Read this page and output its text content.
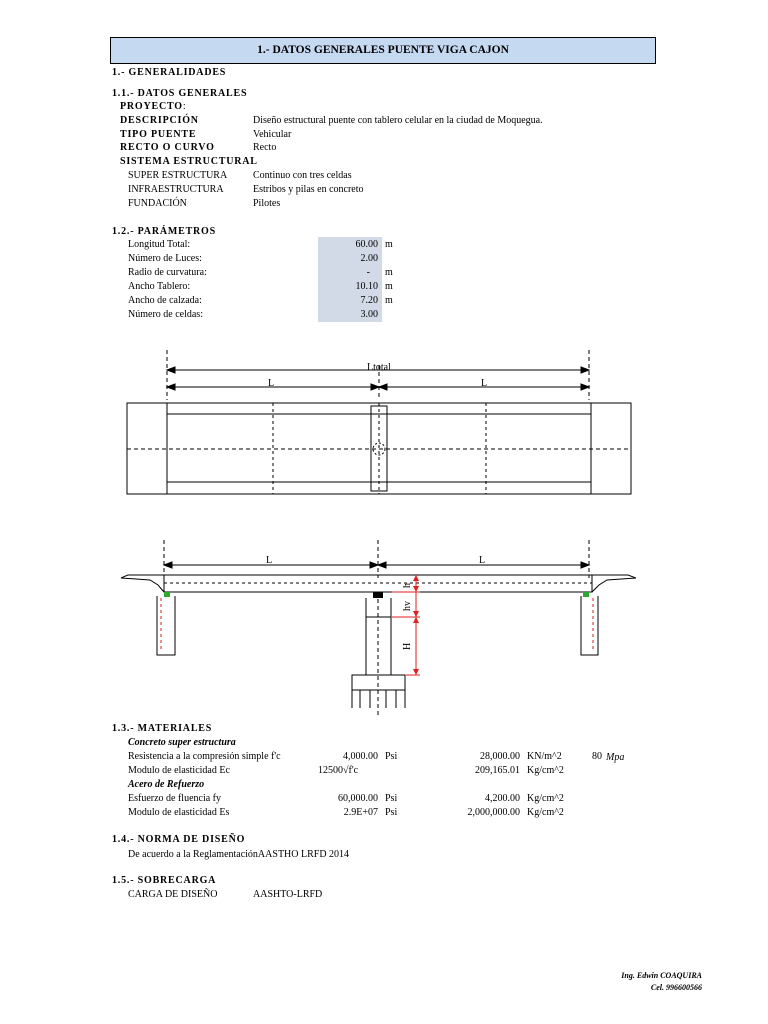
1.- DATOS GENERALES PUENTE VIGA CAJON
1.- GENERALIDADES
1.1.- DATOS GENERALES
PROYECTO:
DESCRIPCIÓN	Diseño estructural puente con tablero celular en la ciudad de Moquegua.
TIPO PUENTE	Vehicular
RECTO O CURVO	Recto
SISTEMA ESTRUCTURAL
SUPER ESTRUCTURA	Continuo con tres celdas
INFRAESTRUCTURA	Estribos y pilas en concreto
FUNDACIÓN	Pilotes
1.2.- PARÁMETROS
Longitud Total:	60.00 m
Número de Luces:	2.00
Radio de curvatura:	- m
Ancho Tablero:	10.10 m
Ancho de calzada:	7.20 m
Número de celdas:	3.00
Ltotal
L	L
L	L
h
hv
H
1.3.- MATERIALES
Concreto super estructura
Resistencia a la compresión simple f'c	4,000.00 Psi	28,000.00 KN/m^2	80 Mpa
Modulo de elasticidad Ec	12500√f'c	209,165.01 Kg/cm^2
Acero de Refuerzo
Esfuerzo de fluencia fy	60,000.00 Psi	4,200.00 Kg/cm^2
Modulo de elasticidad Es	2.9E+07 Psi	2,000,000.00 Kg/cm^2
1.4.- NORMA DE DISEÑO
De acuerdo a la ReglamentaciónAASTHO LRFD 2014
1.5.- SOBRECARGA
CARGA DE DISEÑO	AASHTO-LRFD
Ing. Edwin COAQUIRA
Cel. 996600566
